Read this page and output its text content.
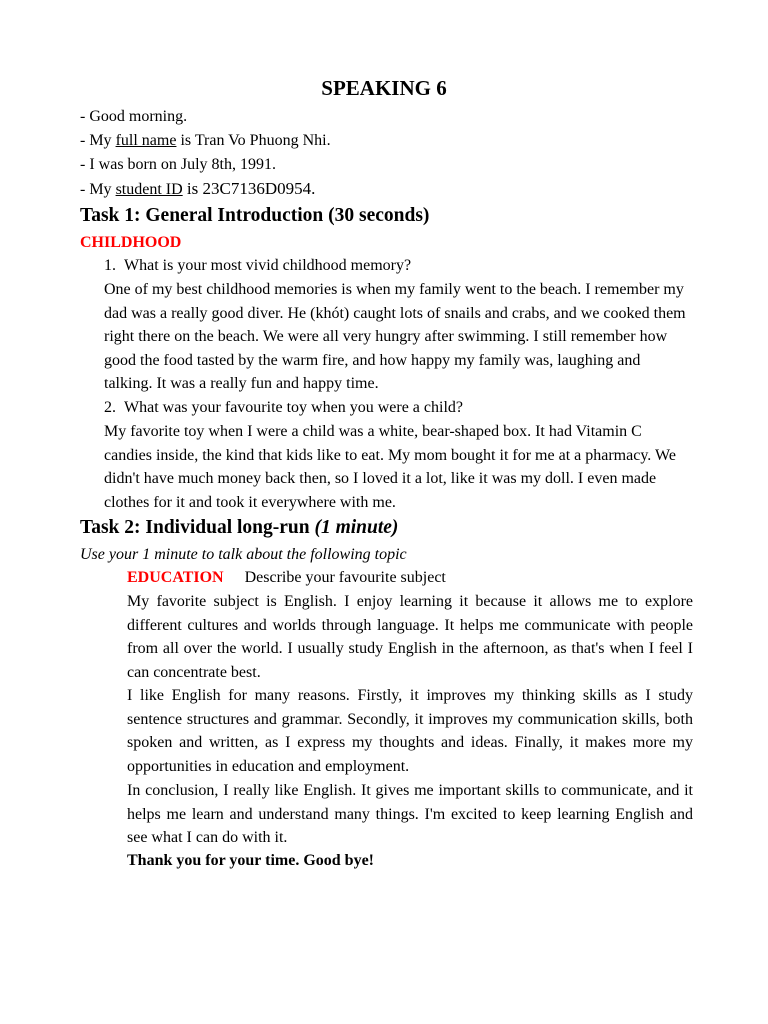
SPEAKING 6
- Good morning.
- My full name is Tran Vo Phuong Nhi.
- I was born on July 8th, 1991.
- My student ID is 23C7136D0954.
Task 1: General Introduction (30 seconds)
CHILDHOOD
1. What is your most vivid childhood memory?
One of my best childhood memories is when my family went to the beach. I remember my dad was a really good diver. He (khót) caught lots of snails and crabs, and we cooked them right there on the beach. We were all very hungry after swimming. I still remember how good the food tasted by the warm fire, and how happy my family was, laughing and talking. It was a really fun and happy time.
2. What was your favourite toy when you were a child?
My favorite toy when I were a child was a white, bear-shaped box. It had Vitamin C candies inside, the kind that kids like to eat. My mom bought it for me at a pharmacy. We didn't have much money back then, so I loved it a lot, like it was my doll. I even made clothes for it and took it everywhere with me.
Task 2: Individual long-run (1 minute)
Use your 1 minute to talk about the following topic
EDUCATION Describe your favourite subject
My favorite subject is English. I enjoy learning it because it allows me to explore different cultures and worlds through language. It helps me communicate with people from all over the world. I usually study English in the afternoon, as that's when I feel I can concentrate best.
I like English for many reasons. Firstly, it improves my thinking skills as I study sentence structures and grammar. Secondly, it improves my communication skills, both spoken and written, as I express my thoughts and ideas. Finally, it makes more my opportunities in education and employment.
In conclusion, I really like English. It gives me important skills to communicate, and it helps me learn and understand many things. I'm excited to keep learning English and see what I can do with it.
Thank you for your time. Good bye!
